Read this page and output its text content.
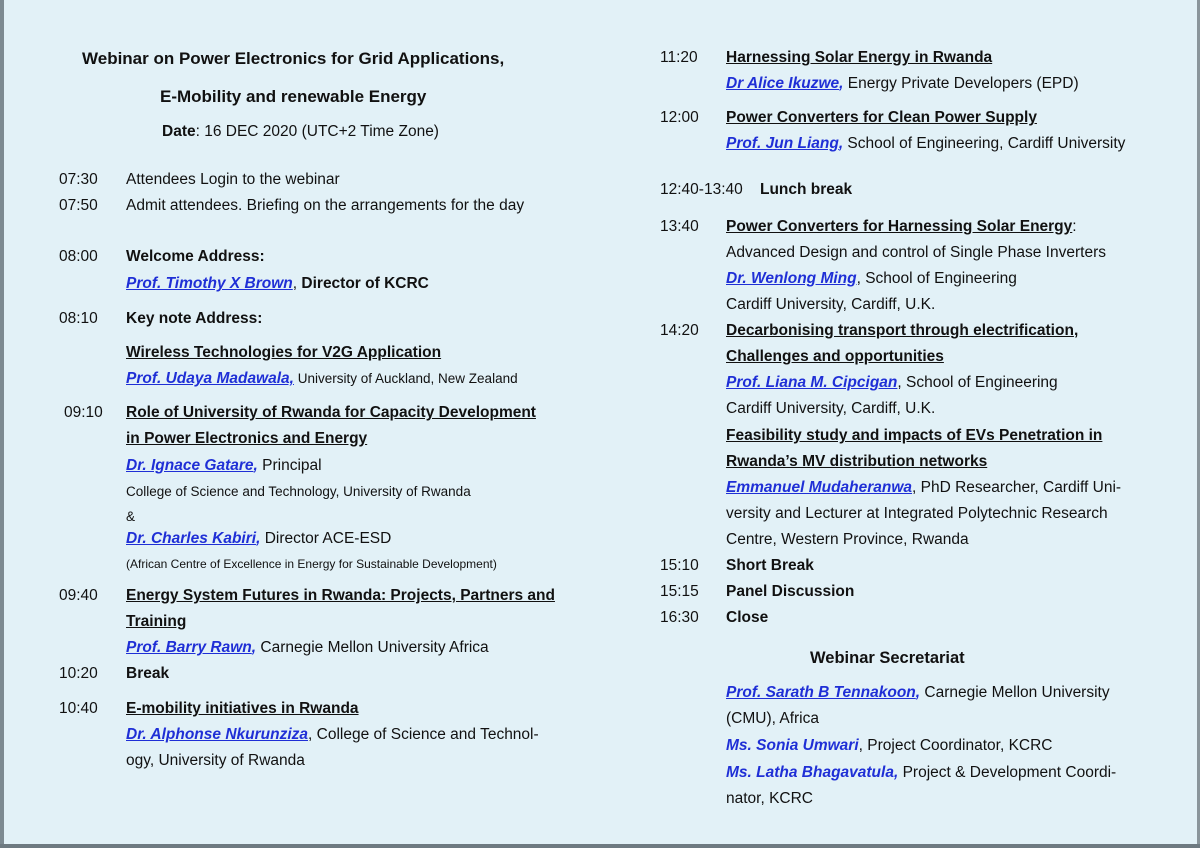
Webinar on Power Electronics for Grid Applications,
E-Mobility and renewable Energy
Date: 16 DEC 2020 (UTC+2 Time Zone)
07:30 Attendees Login to the webinar
07:50 Admit attendees. Briefing on the arrangements for the day
08:00 Welcome Address:
Prof. Timothy X Brown, Director of KCRC
08:10 Key note Address:
Wireless Technologies for V2G Application
Prof. Udaya Madawala, University of Auckland, New Zealand
09:10 Role of University of Rwanda for Capacity Development
in Power Electronics and Energy
Dr. Ignace Gatare, Principal
College of Science and Technology, University of Rwanda
&
Dr. Charles Kabiri, Director ACE-ESD
(African Centre of Excellence in Energy for Sustainable Development)
09:40 Energy System Futures in Rwanda: Projects, Partners and
Training
Prof. Barry Rawn, Carnegie Mellon University Africa
10:20 Break
10:40 E-mobility initiatives in Rwanda
Dr. Alphonse Nkurunziza, College of Science and Technol-
ogy, University of Rwanda
11:20 Harnessing Solar Energy in Rwanda
Dr Alice Ikuzwe, Energy Private Developers (EPD)
12:00 Power Converters for Clean Power Supply
Prof. Jun Liang, School of Engineering, Cardiff University
12:40-13:40 Lunch break
13:40 Power Converters for Harnessing Solar Energy:
Advanced Design and control of Single Phase Inverters
Dr. Wenlong Ming, School of Engineering
Cardiff University, Cardiff, U.K.
14:20 Decarbonising transport through electrification,
Challenges and opportunities
Prof. Liana M. Cipcigan, School of Engineering
Cardiff University, Cardiff, U.K.
Feasibility study and impacts of EVs Penetration in
Rwanda’s MV distribution networks
Emmanuel Mudaheranwa, PhD Researcher, Cardiff Uni-
versity and Lecturer at Integrated Polytechnic Research
Centre, Western Province, Rwanda
15:10 Short Break
15:15 Panel Discussion
16:30 Close
Webinar Secretariat
Prof. Sarath B Tennakoon, Carnegie Mellon University
(CMU), Africa
Ms. Sonia Umwari, Project Coordinator, KCRC
Ms. Latha Bhagavatula, Project & Development Coordi-
nator, KCRC
